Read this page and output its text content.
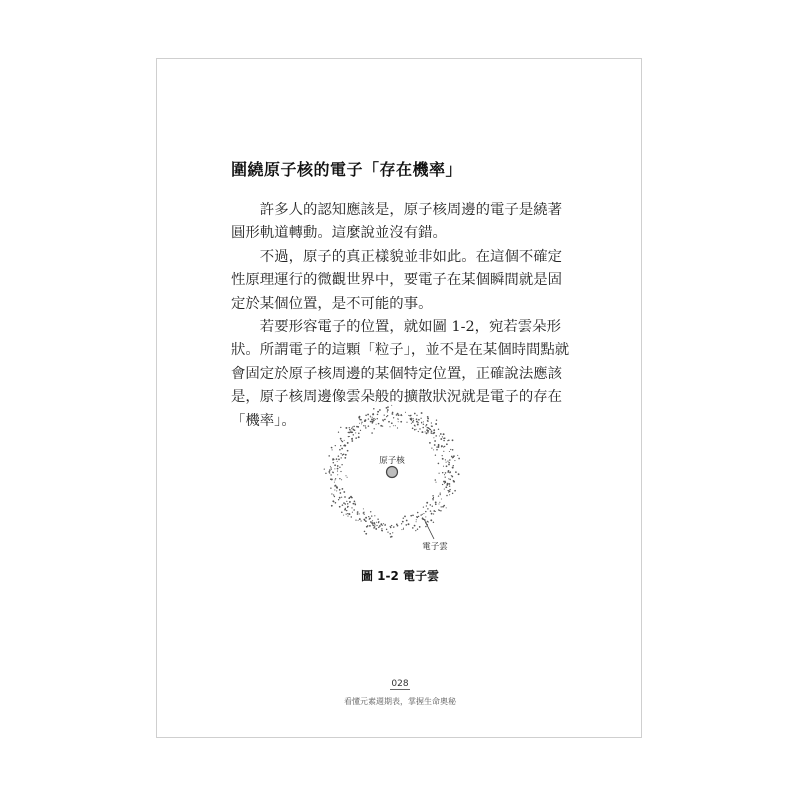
圍繞原子核的電子「存在機率」

許多人的認知應該是，原子核周邊的電子是繞著圓形軌道轉動。這麼說並沒有錯。

不過，原子的真正樣貌並非如此。在這個不確定性原理運行的微觀世界中，要電子在某個瞬間就是固定於某個位置，是不可能的事。

若要形容電子的位置，就如圖 1-2，宛若雲朵形狀。所謂電子的這顆「粒子」，並不是在某個時間點就會固定於原子核周邊的某個特定位置，正確說法應該是，原子核周邊像雲朵般的擴散狀況就是電子的存在「機率」。

原子核
電子雲
圖 1-2 電子雲
028
看懂元素週期表，掌握生命奧秘
